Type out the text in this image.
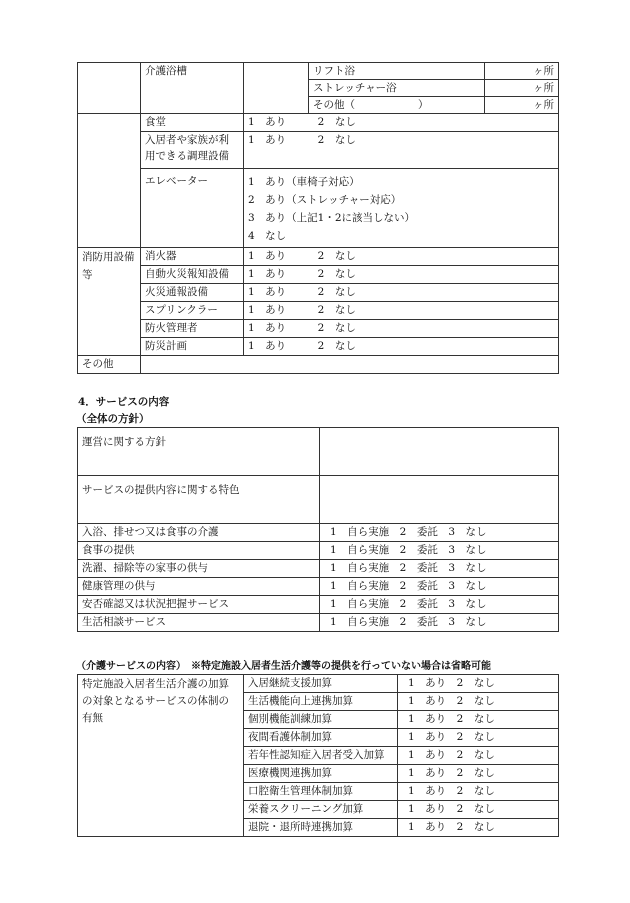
	介護浴槽		リフト浴	ヶ所
			ストレッチャー浴	ヶ所
			その他（　　　　　　）	ヶ所
	食堂	1　あり　　　2　なし		
	入居者や家族が利
用できる調理設備	1　あり　　　2　なし		
	エレベーター	1　あり（車椅子対応）
2　あり（ストレッチャー対応）
3　あり（上記1・2に該当しない）
4　なし		

消防用設備
等	消火器	1　あり　　　2　なし		
	自動火災報知設備	1　あり　　　2　なし		
	火災通報設備	1　あり　　　2　なし		
	スプリンクラー	1　あり　　　2　なし		
	防火管理者	1　あり　　　2　なし		
	防災計画	1　あり　　　2　なし		
その他				
4．サービスの内容
（全体の方針）
運営に関する方針	
サービスの提供内容に関する特色	
入浴、排せつ又は食事の介護	1　自ら実施　2　委託　3　なし
食事の提供	1　自ら実施　2　委託　3　なし
洗濯、掃除等の家事の供与	1　自ら実施　2　委託　3　なし
健康管理の供与	1　自ら実施　2　委託　3　なし
安否確認又は状況把握サービス	1　自ら実施　2　委託　3　なし
生活相談サービス	1　自ら実施　2　委託　3　なし
（介護サービスの内容）　※特定施設入居者生活介護等の提供を行っていない場合は省略可能
特定施設入居者生活介護の加算
の対象となるサービスの体制の
有無	入居継続支援加算	1　あり　2　なし
	生活機能向上連携加算	1　あり　2　なし
	個別機能訓練加算	1　あり　2　なし
	夜間看護体制加算	1　あり　2　なし
	若年性認知症入居者受入加算	1　あり　2　なし
	医療機関連携加算	1　あり　2　なし
	口腔衛生管理体制加算	1　あり　2　なし
	栄養スクリーニング加算	1　あり　2　なし
	退院・退所時連携加算	1　あり　2　なし
